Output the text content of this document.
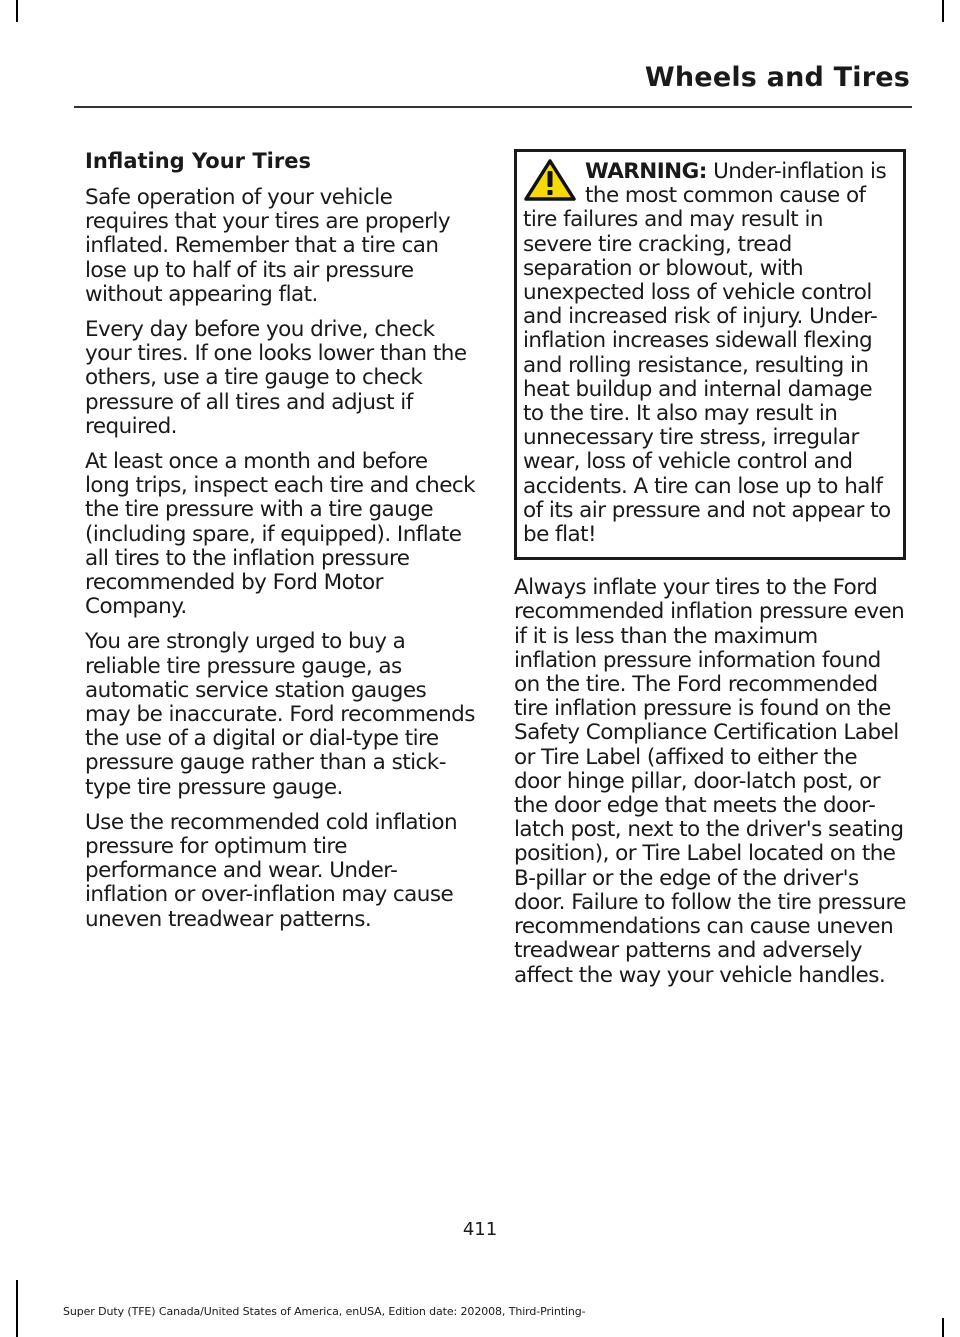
Wheels and Tires
Inflating Your Tires

Safe operation of your vehicle requires that your tires are properly inflated. Remember that a tire can lose up to half of its air pressure without appearing flat.

Every day before you drive, check your tires. If one looks lower than the others, use a tire gauge to check pressure of all tires and adjust if required.

At least once a month and before long trips, inspect each tire and check the tire pressure with a tire gauge (including spare, if equipped). Inflate all tires to the inflation pressure recommended by Ford Motor Company.

You are strongly urged to buy a reliable tire pressure gauge, as automatic service station gauges may be inaccurate. Ford recommends the use of a digital or dial-type tire pressure gauge rather than a stick-type tire pressure gauge.

Use the recommended cold inflation pressure for optimum tire performance and wear. Under-inflation or over-inflation may cause uneven treadwear patterns.

WARNING: Under-inflation is the most common cause of tire failures and may result in severe tire cracking, tread separation or blowout, with unexpected loss of vehicle control and increased risk of injury. Under-inflation increases sidewall flexing and rolling resistance, resulting in heat buildup and internal damage to the tire. It also may result in unnecessary tire stress, irregular wear, loss of vehicle control and accidents. A tire can lose up to half of its air pressure and not appear to be flat!

Always inflate your tires to the Ford recommended inflation pressure even if it is less than the maximum inflation pressure information found on the tire. The Ford recommended tire inflation pressure is found on the Safety Compliance Certification Label or Tire Label (affixed to either the door hinge pillar, door-latch post, or the door edge that meets the door-latch post, next to the driver's seating position), or Tire Label located on the B-pillar or the edge of the driver's door. Failure to follow the tire pressure recommendations can cause uneven treadwear patterns and adversely affect the way your vehicle handles.

411
Super Duty (TFE) Canada/United States of America, enUSA, Edition date: 202008, Third-Printing-
